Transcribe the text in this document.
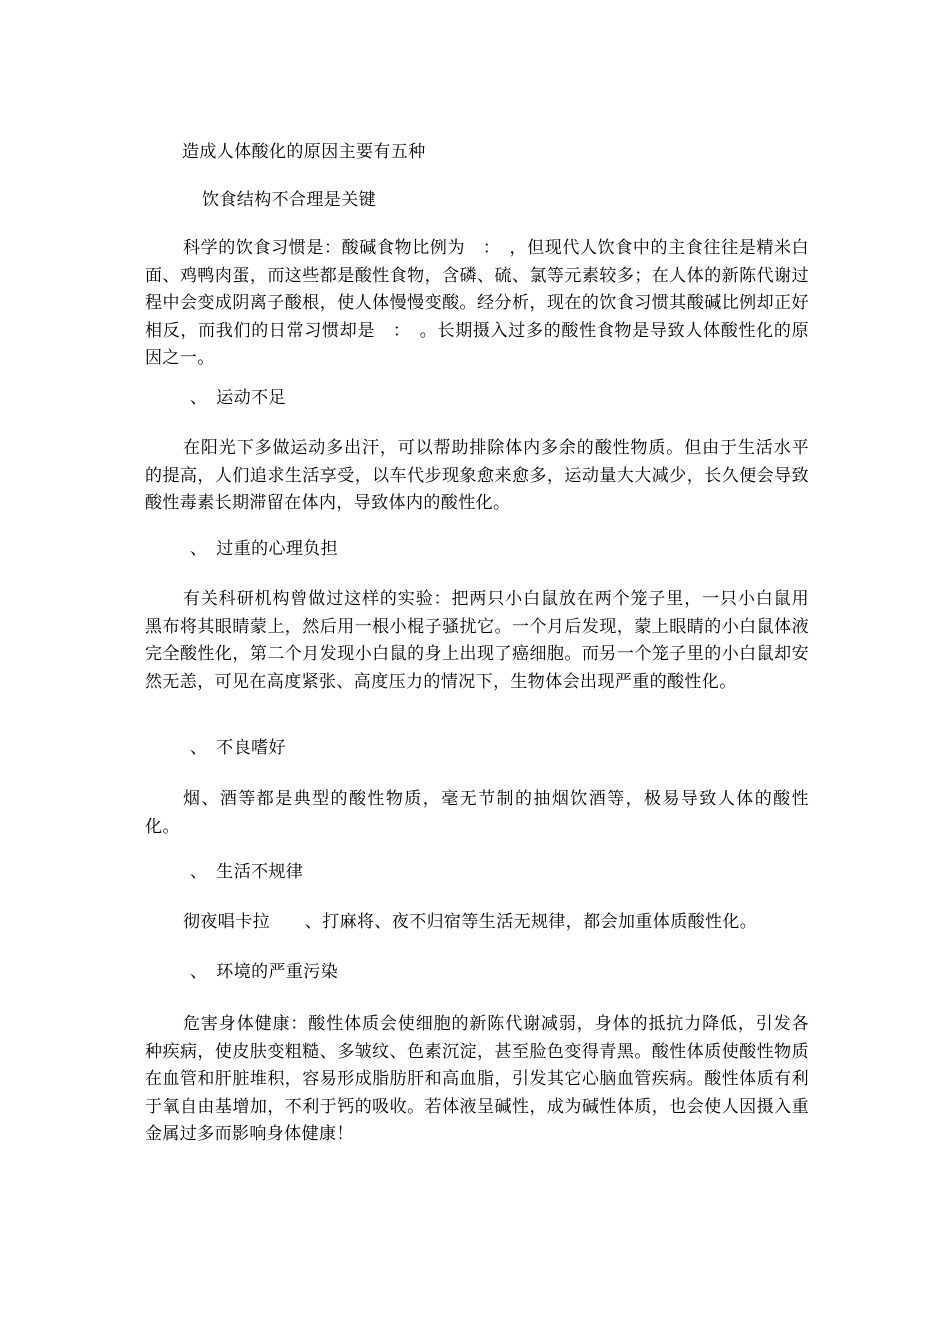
造成人体酸化的原因主要有五种

饮食结构不合理是关键

科学的饮食习惯是：酸碱食物比例为　：　，但现代人饮食中的主食往往是精米白面、鸡鸭肉蛋，而这些都是酸性食物，含磷、硫、氯等元素较多；在人体的新陈代谢过程中会变成阴离子酸根，使人体慢慢变酸。经分析，现在的饮食习惯其酸碱比例却正好相反，而我们的日常习惯却是　：　。长期摄入过多的酸性食物是导致人体酸性化的原因之一。

、　运动不足

在阳光下多做运动多出汗，可以帮助排除体内多余的酸性物质。但由于生活水平的提高，人们追求生活享受，以车代步现象愈来愈多，运动量大大减少，长久便会导致酸性毒素长期滞留在体内，导致体内的酸性化。

、　过重的心理负担

有关科研机构曾做过这样的实验：把两只小白鼠放在两个笼子里，一只小白鼠用黑布将其眼睛蒙上，然后用一根小棍子骚扰它。一个月后发现，蒙上眼睛的小白鼠体液完全酸性化，第二个月发现小白鼠的身上出现了癌细胞。而另一个笼子里的小白鼠却安然无恙，可见在高度紧张、高度压力的情况下，生物体会出现严重的酸性化。

、　不良嗜好

烟、酒等都是典型的酸性物质，毫无节制的抽烟饮酒等，极易导致人体的酸性化。

、　生活不规律

彻夜唱卡拉　　、打麻将、夜不归宿等生活无规律，都会加重体质酸性化。

、　环境的严重污染

危害身体健康：酸性体质会使细胞的新陈代谢减弱，身体的抵抗力降低，引发各种疾病，使皮肤变粗糙、多皱纹、色素沉淀，甚至脸色变得青黑。酸性体质使酸性物质在血管和肝脏堆积，容易形成脂肪肝和高血脂，引发其它心脑血管疾病。酸性体质有利于氧自由基增加，不利于钙的吸收。若体液呈碱性，成为碱性体质，也会使人因摄入重金属过多而影响身体健康！
